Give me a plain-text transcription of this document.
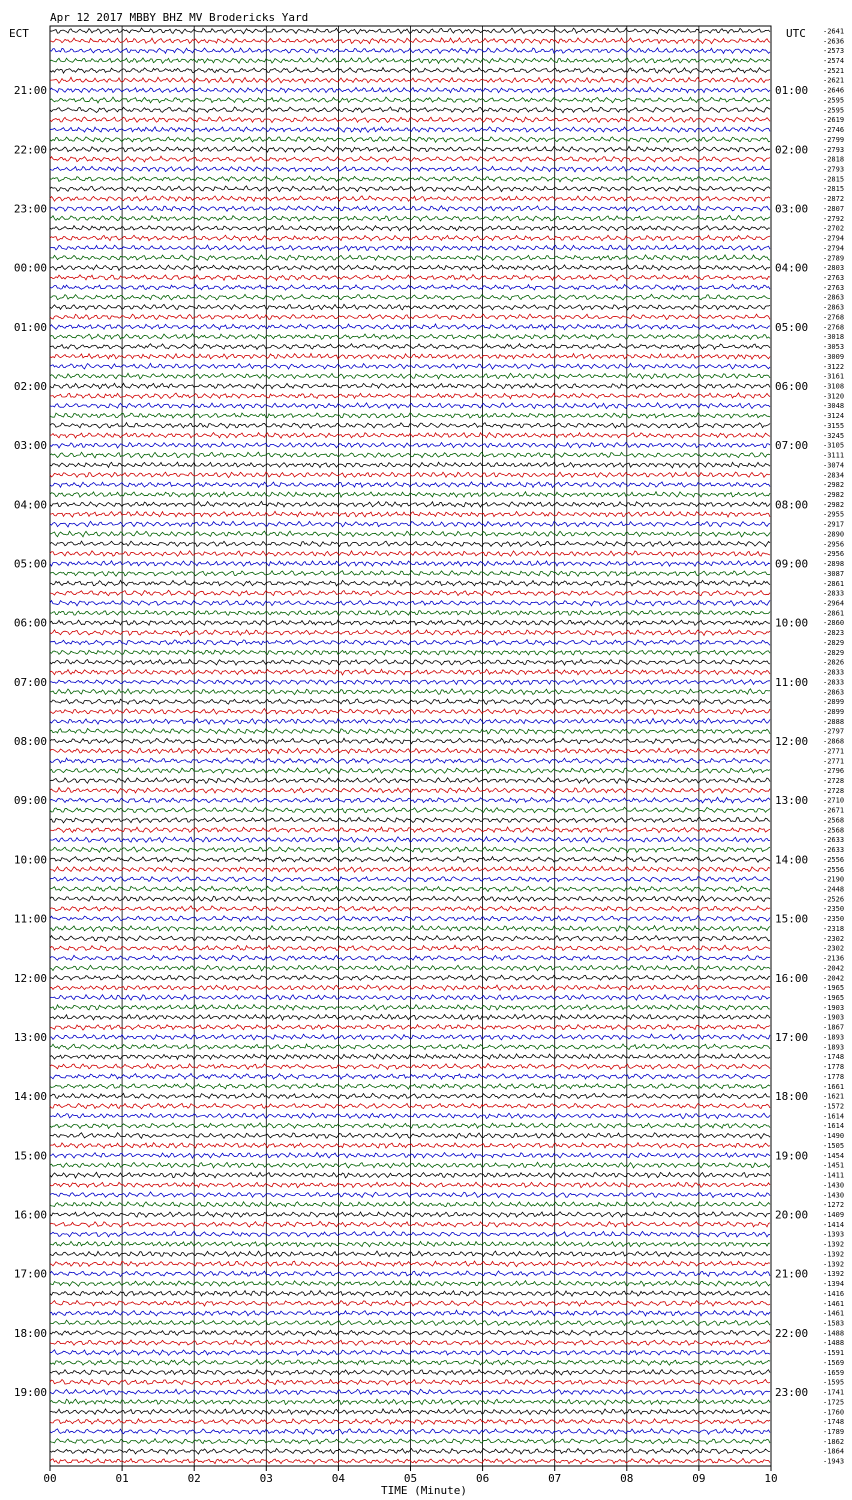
Apr 12 2017 MBBY BHZ MV Brodericks Yard
ECT	UTC
21:00
22:00
23:00
00:00
01:00
02:00
03:00
04:00
05:00
06:00
07:00
08:00
09:00
10:00
11:00
12:00
13:00
14:00
15:00
16:00
17:00
18:00
19:00
01:00
02:00
03:00
04:00
05:00
06:00
07:00
08:00
09:00
10:00
11:00
12:00
13:00
14:00
15:00
16:00
17:00
18:00
19:00
20:00
21:00
22:00
23:00
-2641
-2636
-2573
-2574
-2521
-2621
-2646
-2595
-2595
-2619
-2746
-2799
-2793
-2818
-2793
-2815
-2815
-2872
-2807
-2792
-2702
-2794
-2794
-2789
-2803
-2763
-2763
-2863
-2863
-2768
-2768
-3018
-3053
-3009
-3122
-3161
-3108
-3120
-3048
-3124
-3155
-3245
-3105
-3111
-3074
-2834
-2982
-2982
-2982
-2955
-2917
-2890
-2956
-2956
-2898
-3087
-2861
-2833
-2964
-2861
-2860
-2823
-2829
-2829
-2826
-2833
-2833
-2863
-2899
-2899
-2888
-2797
-2868
-2771
-2771
-2796
-2728
-2728
-2710
-2671
-2568
-2568
-2633
-2633
-2556
-2556
-2190
-2448
-2526
-2350
-2350
-2318
-2302
-2302
-2136
-2042
-2042
-1965
-1965
-1903
-1903
-1867
-1893
-1893
-1748
-1778
-1778
-1661
-1621
-1572
-1614
-1614
-1490
-1505
-1454
-1451
-1411
-1430
-1430
-1272
-1409
-1414
-1393
-1392
-1392
-1392
-1392
-1394
-1416
-1461
-1461
-1583
-1488
-1488
-1591
-1569
-1659
-1595
-1741
-1725
-1760
-1748
-1789
-1862
-1864
-1943
00	01	02	03	04	05	06	07	08	09	10
TIME (Minute)
